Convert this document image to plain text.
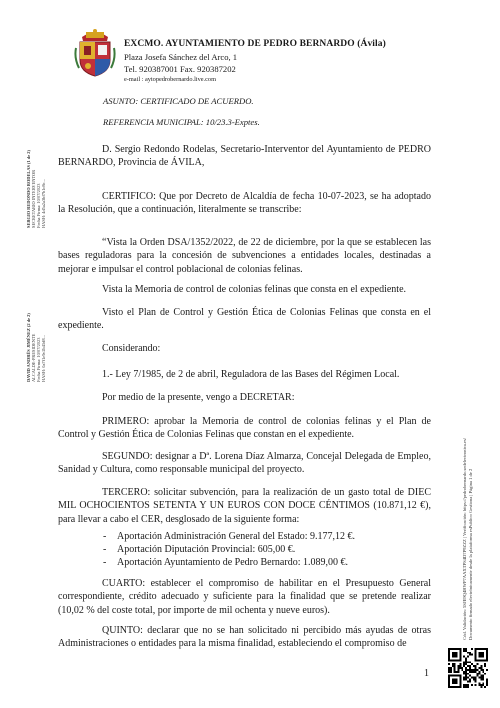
EXCMO. AYUNTAMIENTO DE PEDRO BERNARDO (Ávila)
Plaza Josefa Sánchez del Arco, 1
Tel. 920387001 Fax. 920387202
e-mail : aytopedrobernardo.live.com
ASUNTO: CERTIFICADO DE ACUERDO.
REFERENCIA MUNICIPAL: 10/23.3-Exptes.

D. Sergio Redondo Rodelas, Secretario-Interventor del Ayuntamiento de PEDRO BERNARDO, Provincia de ÁVILA,

CERTIFICO: Que por Decreto de Alcaldía de fecha 10-07-2023, se ha adoptado la Resolución, que a continuación, literalmente se transcribe:

“Vista la Orden DSA/1352/2022, de 22 de diciembre, por la que se establecen las bases reguladoras para la concesión de subvenciones a entidades locales, destinadas a mejorar e impulsar el control poblacional de colonias felinas.

Vista la Memoria de control de colonias felinas que consta en el expediente.

Visto el Plan de Control y Gestión Ética de Colonias Felinas que consta en el expediente.

Considerando:

1.- Ley 7/1985, de 2 de abril, Reguladora de las Bases del Régimen Local.

Por medio de la presente, vengo a DECRETAR:

PRIMERO: aprobar la Memoria de control de colonias felinas y el Plan de Control y Gestión Ética de Colonias Felinas que constan en el expediente.

SEGUNDO: designar a Dª. Lorena Díaz Almarza, Concejal Delegada de Empleo, Sanidad y Cultura, como responsable municipal del proyecto.

TERCERO: solicitar subvención, para la realización de un gasto total de DIEC MIL OCHOCIENTOS SETENTA Y UN EUROS CON DOCE CÉNTIMOS (10.871,12 €), para llevar a cabo el CER, desglosado de la siguiente forma:

- Aportación Administración General del Estado: 9.177,12 €.
- Aportación Diputación Provincial: 605,00 €.
- Aportación Ayuntamiento de Pedro Bernardo: 1.089,00 €.

CUARTO: establecer el compromiso de habilitar en el Presupuesto General correspondiente, crédito adecuado y suficiente para la finalidad que se pretende realizar (10,02 % del coste total, por importe de mil ochenta y nueve euros).

QUINTO: declarar que no se han solicitado ni percibido más ayudas de otras Administraciones o entidades para la misma finalidad, estableciendo el compromiso de

SERGIO REDONDO RODELAS (1 de 2) SECRETARIO INTERVENTOR Fecha Firma: 10/07/2023 HASH: 4d5a2a3bf7b1c8e...
DAVID ANDRÉS JIMÉNEZ (2 de 2) ALCALDE-PRESIDENTE Fecha Firma: 10/07/2023 HASH: 0a7f1e9c2b45d8...
Cód. Validación: 5SJE9Q4HWP7AAXTPS4D7P9ZZZ | Verificación: https://pedrobernardo.sedelectronica.es/ Documento firmado electrónicamente desde la plataforma esPublico Gestiona | Página 1 de 2
1
